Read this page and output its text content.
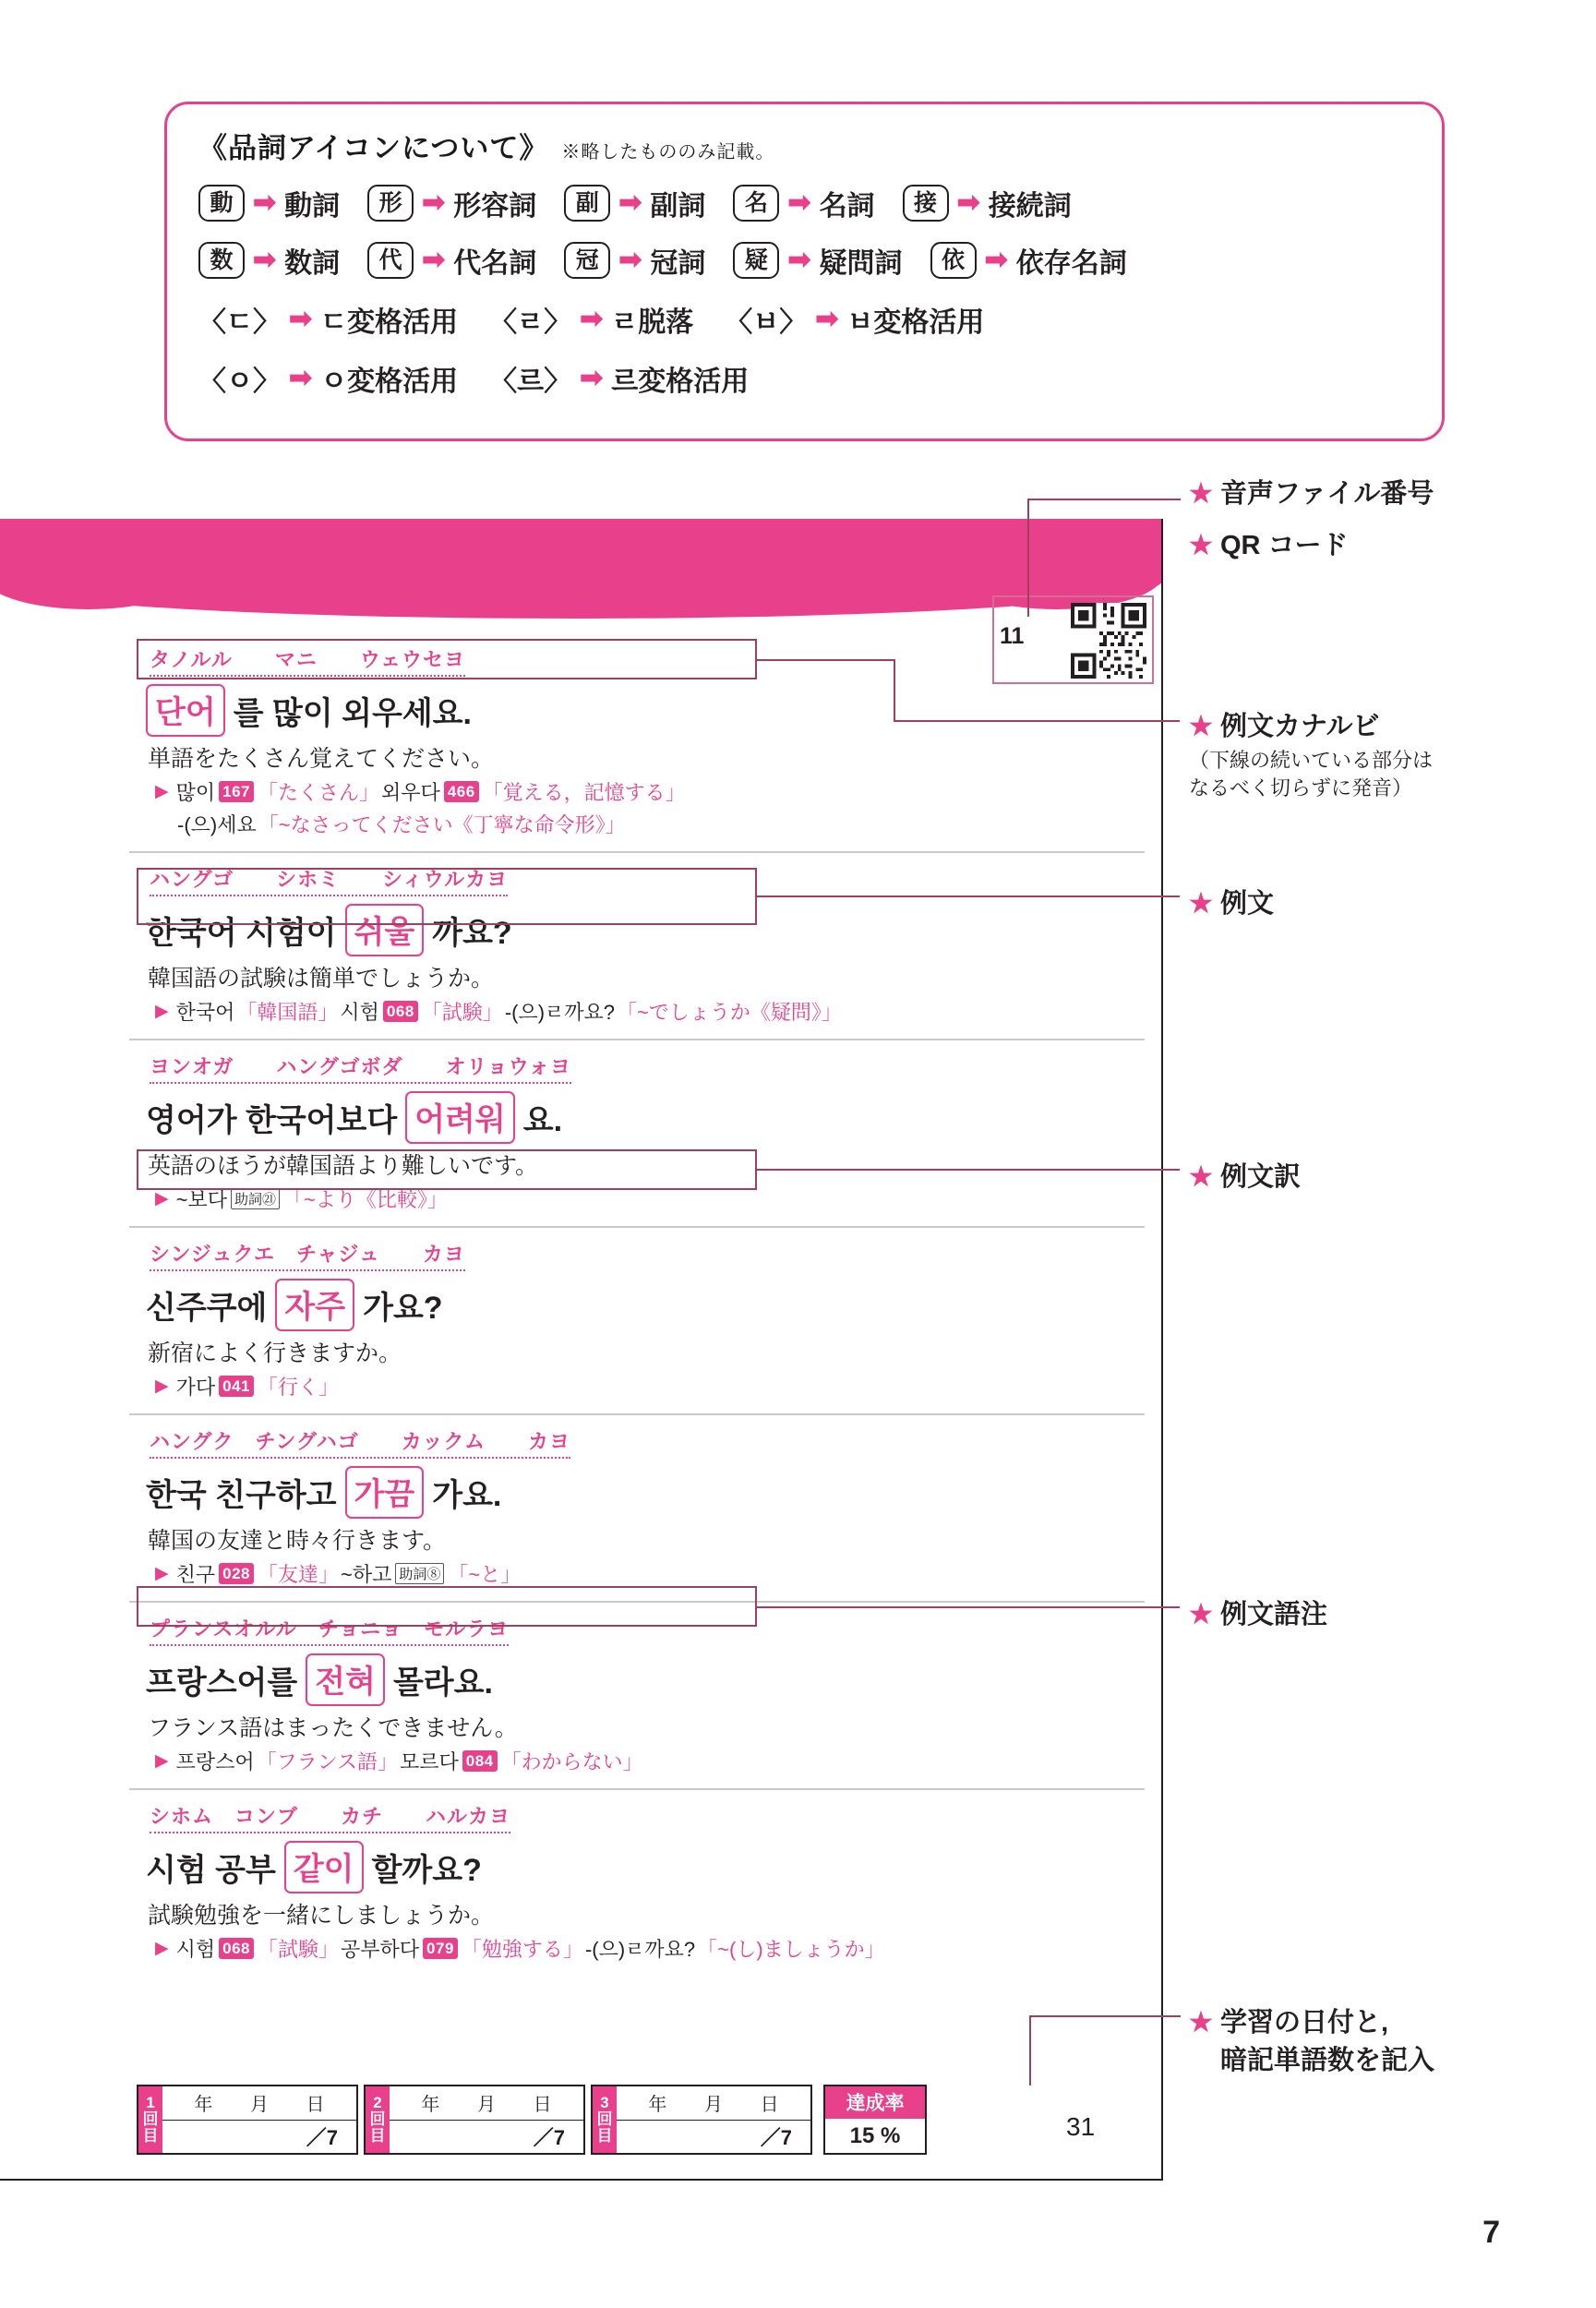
《品詞アイコンについて》 ※略したもののみ記載。
動 ➡ 動詞	形 ➡ 形容詞	副 ➡ 副詞	名 ➡ 名詞	接 ➡ 接続詞
数 ➡ 数詞	代 ➡ 代名詞	冠 ➡ 冠詞	疑 ➡ 疑問詞	依 ➡ 依存名詞
〈ㄷ〉 ➡ ㄷ変格活用 〈ㄹ〉 ➡ ㄹ脱落 〈ㅂ〉 ➡ ㅂ変格活用
〈ㅇ〉 ➡ ㅇ変格活用 〈르〉 ➡ 르変格活用
11
タノルル　　マニ　　ウェウセヨ
단어 를 많이 외우세요.
単語をたくさん覚えてください。
▶ 많이 167 「たくさん」 외우다 466 「覚える，記憶する」
-(으)세요 「~なさってください《丁寧な命令形》」
ハングゴ　　シホミ　　シィウルカヨ
한국어 시험이 쉬울 까요?
韓国語の試験は簡単でしょうか。
▶ 한국어 「韓国語」 시험 068 「試験」 -(으)ㄹ까요? 「~でしょうか《疑問》」
ヨンオガ　　ハングゴボダ　　オリョウォヨ
영어가 한국어보다 어려워 요.
英語のほうが韓国語より難しいです。
▶ ~보다 助詞㉑ 「~より《比較》」
シンジュクエ　チャジュ　　カヨ
신주쿠에 자주 가요?
新宿によく行きますか。
▶ 가다 041 「行く」
ハングク　チングハゴ　　カックム　　カヨ
한국 친구하고 가끔 가요.
韓国の友達と時々行きます。
▶ 친구 028 「友達」 ~하고 助詞⑧ 「~と」
プランスオルル　チョニョ　モルラヨ
프랑스어를 전혀 몰라요.
フランス語はまったくできません。
▶ 프랑스어 「フランス語」 모르다 084 「わからない」
シホム　コンブ　　カチ　　ハルカヨ
시험 공부 같이 할까요?
試験勉強を一緒にしましょうか。
▶ 시험 068 「試験」 공부하다 079 「勉強する」 -(으)ㄹ까요? 「~(し)ましょうか」
★ 音声ファイル番号
★ QR コード
★ 例文カナルビ
（下線の続いている部分は
なるべく切らずに発音）
★ 例文
★ 例文訳
★ 例文語注
★ 学習の日付と,
暗記単語数を記入
1
回
目
年 月 日
／7
2
回
目
年 月 日
／7
3
回
目
年 月 日
／7
達成率
15 %	31
7
